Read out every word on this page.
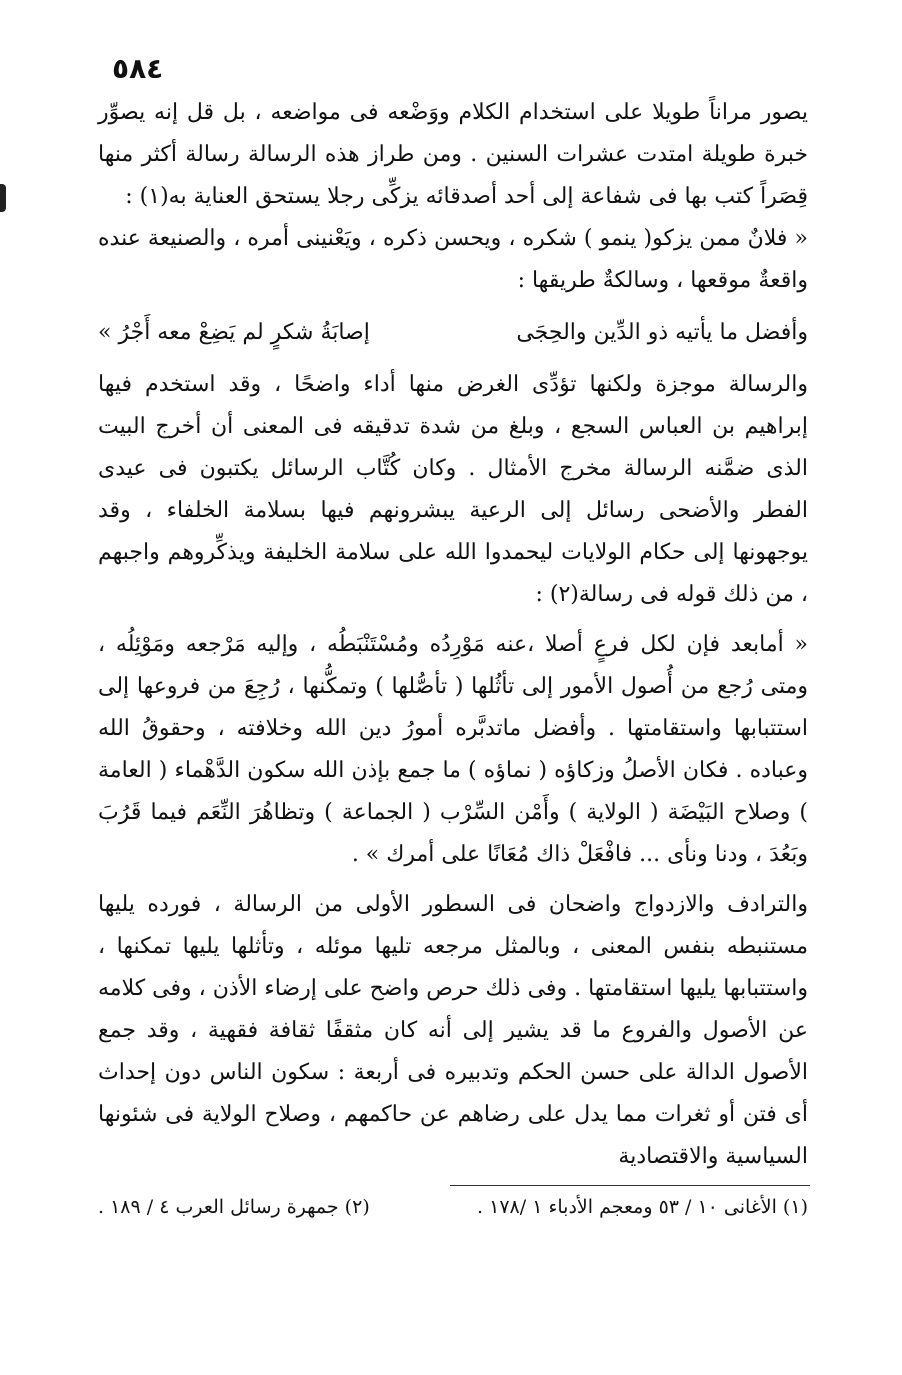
٥٨٤

يصور مراناً طويلا على استخدام الكلام ووَضْعه فى مواضعه ، بل قل إنه يصوِّر خبرة طويلة امتدت عشرات السنين . ومن طراز هذه الرسالة رسالة أكثر منها قِصَراً كتب بها فى شفاعة إلى أحد أصدقائه يزكِّى رجلا يستحق العناية به(١) :

« فلانٌ ممن يزكو( ينمو ) شكره ، ويحسن ذكره ، ويَعْنينى أمره ، والصنيعة عنده واقعةٌ موقعها ، وسالكةٌ طريقها :

وأفضل ما يأتيه ذو الدِّين والحِجَى
إصابَةُ شكرٍ لم يَضِعْ معه أَجْرُ »

والرسالة موجزة ولكنها تؤدِّى الغرض منها أداء واضحًا ، وقد استخدم فيها إبراهيم بن العباس السجع ، وبلغ من شدة تدقيقه فى المعنى أن أخرج البيت الذى ضمَّنه الرسالة مخرج الأمثال . وكان كُتَّاب الرسائل يكتبون فى عيدى الفطر والأضحى رسائل إلى الرعية يبشرونهم فيها بسلامة الخلفاء ، وقد يوجهونها إلى حكام الولايات ليحمدوا الله على سلامة الخليفة ويذكِّروهم واجبهم ، من ذلك قوله فى رسالة(٢) :

« أمابعد فإن لكل فرعٍ أصلا ،عنه مَوْرِدُه ومُسْتَنْبَطُه ، وإليه مَرْجعه ومَوْئِلُه ، ومتى رُجع من أُصول الأمور إلى تأثُلها ( تأصُّلها ) وتمكُّنها ، رُجِعَ من فروعها إلى استتبابها واستقامتها . وأفضل ماتدبَّره أمورُ دين الله وخلافته ، وحقوقُ الله وعباده . فكان الأصلُ وزكاؤه ( نماؤه ) ما جمع بإذن الله سكون الدَّهْماء ( العامة ) وصلاح البَيْضَة ( الولاية ) وأَمْن السِّرْب ( الجماعة ) وتظاهُرَ النِّعَم فيما قَرُبَ وبَعُدَ ، ودنا ونأى ... فافْعَلْ ذاك مُعَانًا على أمرك » .

والترادف والازدواج واضحان فى السطور الأولى من الرسالة ، فورده يليها مستنبطه بنفس المعنى ، وبالمثل مرجعه تليها موئله ، وتأثلها يليها تمكنها ، واستتبابها يليها استقامتها . وفى ذلك حرص واضح على إرضاء الأذن ، وفى كلامه عن الأصول والفروع ما قد يشير إلى أنه كان مثقفًا ثقافة فقهية ، وقد جمع الأصول الدالة على حسن الحكم وتدبيره فى أربعة : سكون الناس دون إحداث أى فتن أو ثغرات مما يدل على رضاهم عن حاكمهم ، وصلاح الولاية فى شئونها السياسية والاقتصادية

(١) الأغانى ١٠ / ٥٣ ومعجم الأدباء ١ /١٧٨ .
(٢) جمهرة رسائل العرب ٤ / ١٨٩ .
